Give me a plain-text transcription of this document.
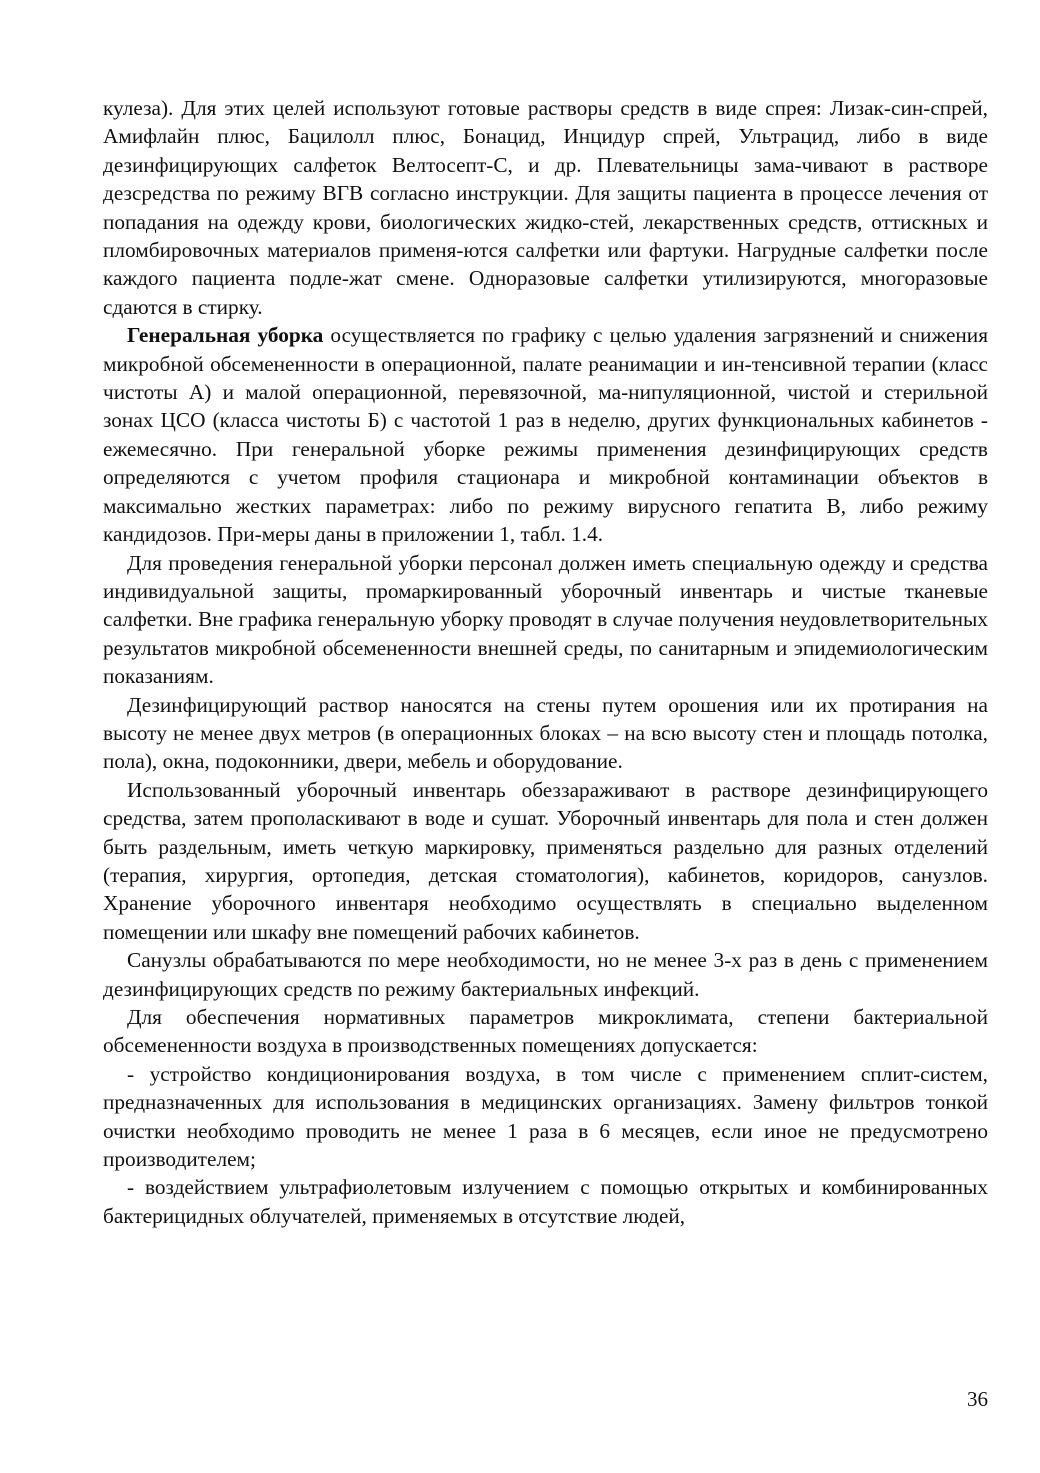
кулеза). Для этих целей используют готовые растворы средств в виде спрея: Лизак-син-спрей, Амифлайн плюс, Бацилолл плюс, Бонацид, Инцидур спрей, Ультрацид, либо в виде дезинфицирующих салфеток Велтосепт-С, и др. Плевательницы зама-чивают в растворе дезсредства по режиму ВГВ согласно инструкции. Для защиты пациента в процессе лечения от попадания на одежду крови, биологических жидко-стей, лекарственных средств, оттискных и пломбировочных материалов применя-ются салфетки или фартуки. Нагрудные салфетки после каждого пациента подле-жат смене. Одноразовые салфетки утилизируются, многоразовые сдаются в стирку.

Генеральная уборка осуществляется по графику с целью удаления загрязнений и снижения микробной обсемененности в операционной, палате реанимации и ин-тенсивной терапии (класс чистоты А) и малой операционной, перевязочной, ма-нипуляционной, чистой и стерильной зонах ЦСО (класса чистоты Б) с частотой 1 раз в неделю, других функциональных кабинетов - ежемесячно. При генеральной уборке режимы применения дезинфицирующих средств определяются с учетом профиля стационара и микробной контаминации объектов в максимально жестких параметрах: либо по режиму вирусного гепатита В, либо режиму кандидозов. При-меры даны в приложении 1, табл. 1.4.

Для проведения генеральной уборки персонал должен иметь специальную одежду и средства индивидуальной защиты, промаркированный уборочный инвентарь и чистые тканевые салфетки. Вне графика генеральную уборку проводят в случае получения неудовлетворительных результатов микробной обсемененности внешней среды, по санитарным и эпидемиологическим показаниям.

Дезинфицирующий раствор наносятся на стены путем орошения или их протирания на высоту не менее двух метров (в операционных блоках – на всю высоту стен и площадь потолка, пола), окна, подоконники, двери, мебель и оборудование.

Использованный уборочный инвентарь обеззараживают в растворе дезинфицирующего средства, затем прополаскивают в воде и сушат. Уборочный инвентарь для пола и стен должен быть раздельным, иметь четкую маркировку, применяться раздельно для разных отделений (терапия, хирургия, ортопедия, детская стоматология), кабинетов, коридоров, санузлов. Хранение уборочного инвентаря необходимо осуществлять в специально выделенном помещении или шкафу вне помещений рабочих кабинетов.

Санузлы обрабатываются по мере необходимости, но не менее 3-х раз в день с применением дезинфицирующих средств по режиму бактериальных инфекций.

Для обеспечения нормативных параметров микроклимата, степени бактериальной обсемененности воздуха в производственных помещениях допускается:

- устройство кондиционирования воздуха, в том числе с применением сплит-систем, предназначенных для использования в медицинских организациях. Замену фильтров тонкой очистки необходимо проводить не менее 1 раза в 6 месяцев, если иное не предусмотрено производителем;

- воздействием ультрафиолетовым излучением с помощью открытых и комбинированных бактерицидных облучателей, применяемых в отсутствие людей,

36
